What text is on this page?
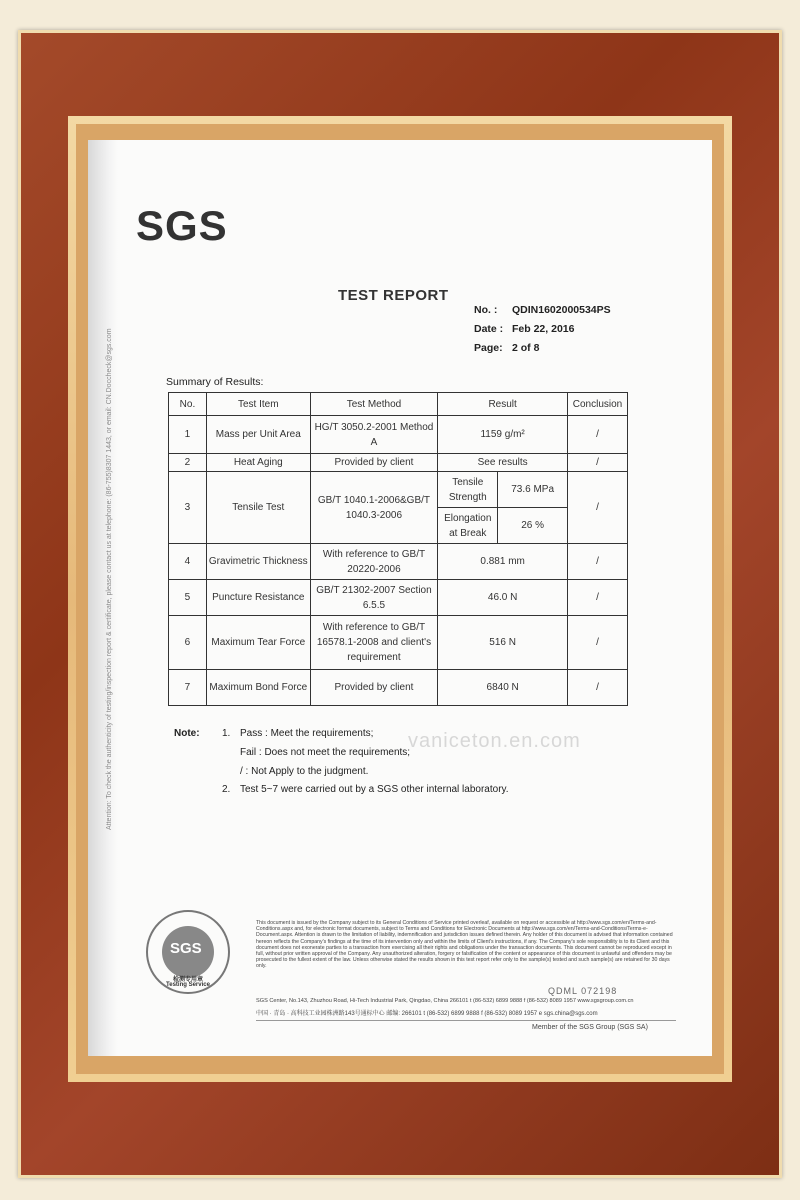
SGS
Attention: To check the authenticity of testing/inspection report & certificate, please contact us at telephone: (86-755)8307 1443, or email: CN.Doccheck@sgs.com
TEST REPORT
No. :	QDIN1602000534PS
Date : Feb 22, 2016
Page: 2 of 8
Summary of Results:
No.	Test Item	Test Method	Result		Conclusion
1	Mass per Unit Area	HG/T 3050.2-2001 Method A	1159 g/m²		/
2	Heat Aging	Provided by client	See results		/
3	Tensile Test	GB/T 1040.1-2006&GB/T 1040.3-2006	Tensile Strength	73.6 MPa	/
			Elongation at Break	26 %	
4	Gravimetric Thickness	With reference to GB/T 20220-2006	0.881 mm		/
5	Puncture Resistance	GB/T 21302-2007 Section 6.5.5	46.0 N		/
6	Maximum Tear Force	With reference to GB/T 16578.1-2008 and client's requirement	516 N		/
7	Maximum Bond Force	Provided by client	6840 N		/
vaniceton.en.com
Note: 1. Pass : Meet the requirements;
Fail : Does not meet the requirements;
/ : Not Apply to the judgment.
2. Test 5~7 were carried out by a SGS other internal laboratory.
SGS
检测专用章
Testing Service
This document is issued by the Company subject to its General Conditions of Service printed overleaf, available on request or accessible at http://www.sgs.com/en/Terms-and-Conditions.aspx and, for electronic format documents, subject to Terms and Conditions for Electronic Documents at http://www.sgs.com/en/Terms-and-Conditions/Terms-e-Document.aspx. Attention is drawn to the limitation of liability, indemnification and jurisdiction issues defined therein. Any holder of this document is advised that information contained hereon reflects the Company's findings at the time of its intervention only and within the limits of Client's instructions, if any. The Company's sole responsibility is to its Client and this document does not exonerate parties to a transaction from exercising all their rights and obligations under the transaction documents. This document cannot be reproduced except in full, without prior written approval of the Company. Any unauthorized alteration, forgery or falsification of the content or appearance of this document is unlawful and offenders may be prosecuted to the fullest extent of the law. Unless otherwise stated the results shown in this test report refer only to the sample(s) tested and such sample(s) are retained for 30 days only.
QDML 072198
SGS Center, No.143, Zhuzhou Road, Hi-Tech Industrial Park, Qingdao, China 266101 t (86-532) 6899 9888 f (86-532) 8089 1957 www.sgsgroup.com.cn
中国 · 青岛 · 高科技工业园株洲路143号通标中心 邮编: 266101 t (86-532) 6899 9888 f (86-532) 8089 1957 e sgs.china@sgs.com
Member of the SGS Group (SGS SA)
